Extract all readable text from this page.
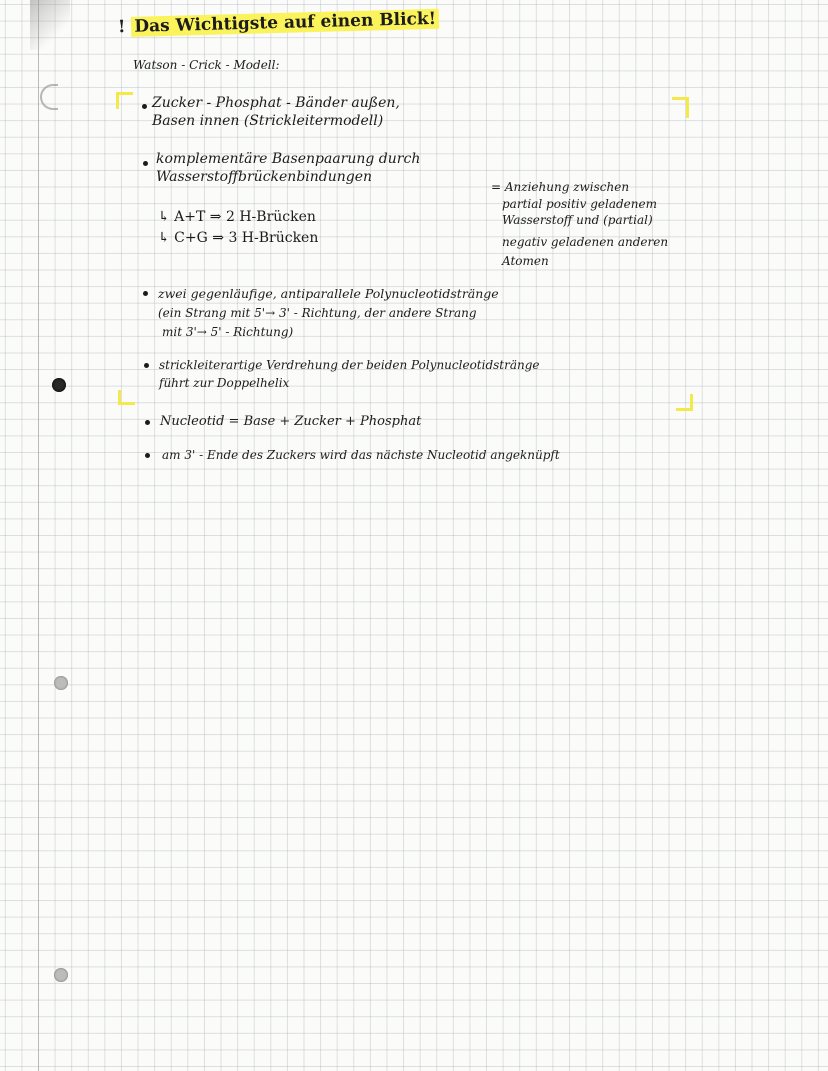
! Das Wichtigste auf einen Blick!
Watson - Crick - Modell:
Zucker - Phosphat - Bänder außen,
Basen innen (Strickleitermodell)
komplementäre Basenpaarung durch
Wasserstoffbrückenbindungen
↳ A+T ⇒ 2 H-Brücken
↳ C+G ⇒ 3 H-Brücken
= Anziehung zwischen
partial positiv geladenem
Wasserstoff und (partial)
negativ geladenen anderen
Atomen
zwei gegenläufige, antiparallele Polynucleotidstränge
(ein Strang mit 5'→ 3' - Richtung, der andere Strang
mit 3'→ 5' - Richtung)
strickleiterartige Verdrehung der beiden Polynucleotidstränge
führt zur Doppelhelix
Nucleotid = Base + Zucker + Phosphat
am 3' - Ende des Zuckers wird das nächste Nucleotid angeknüpft
